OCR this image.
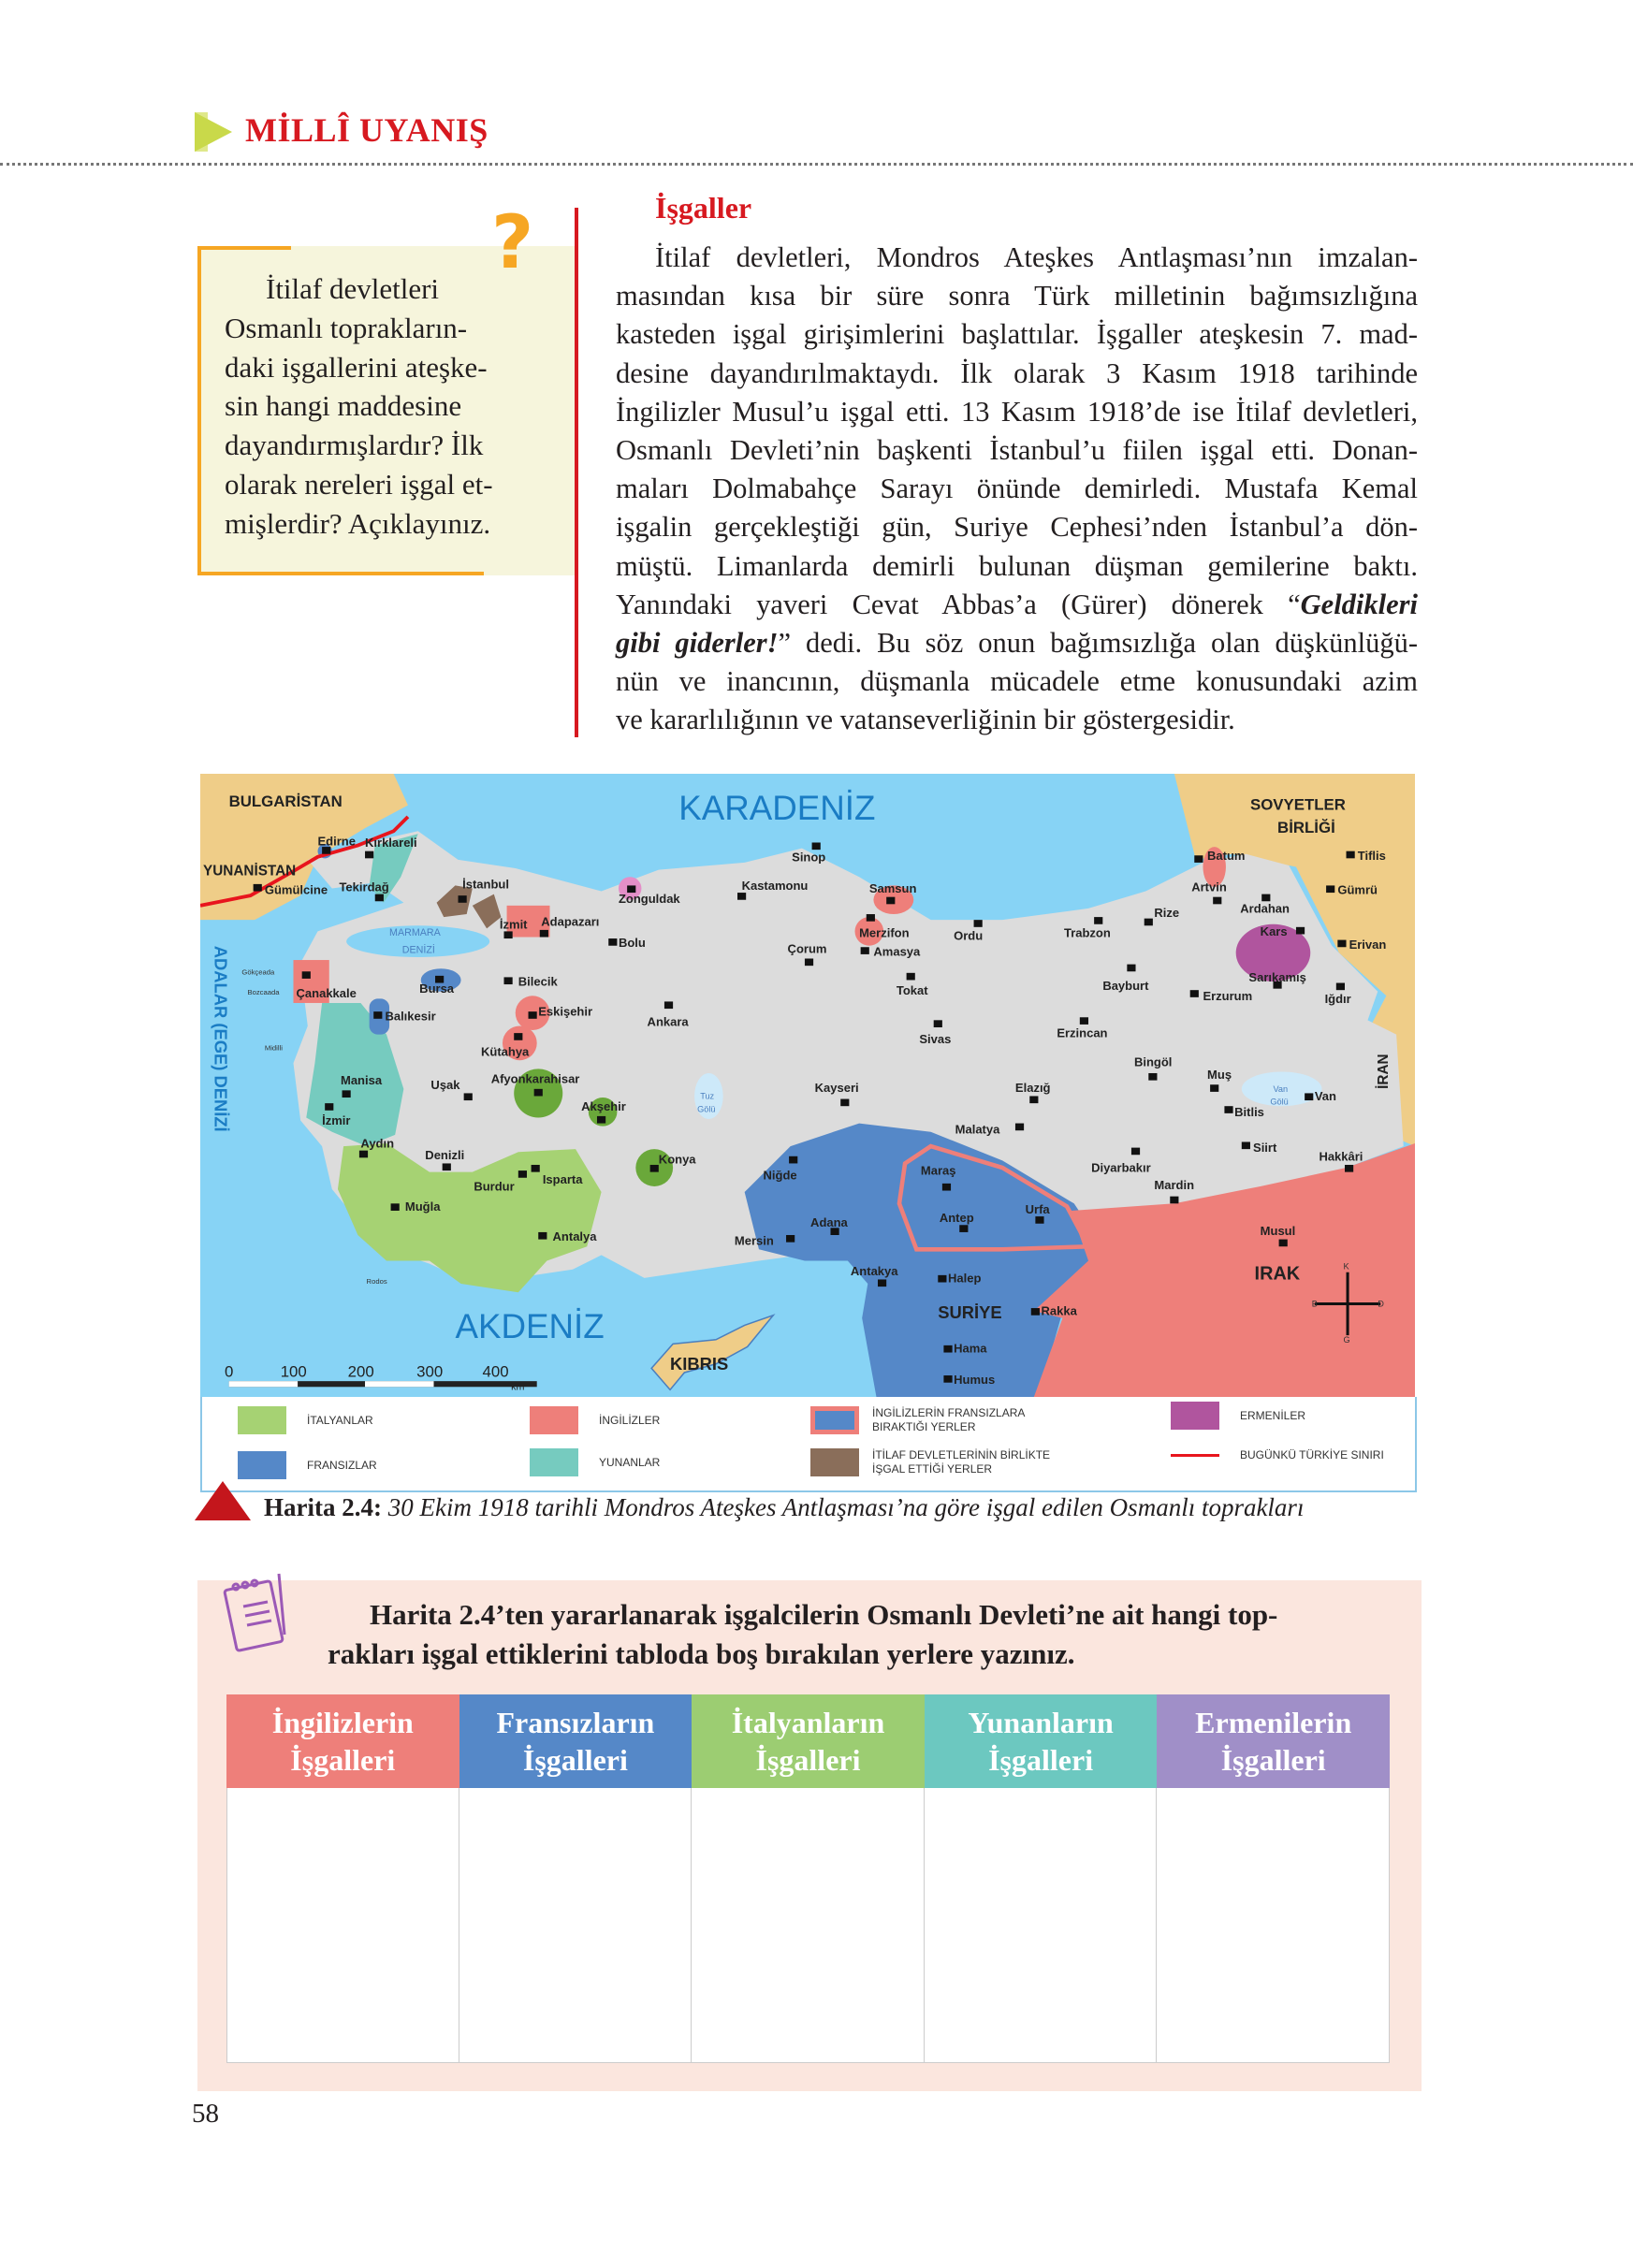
MİLLÎ UYANIŞ
?
İtilaf devletleri
Osmanlı toprakların-
daki işgallerini ateşke-
sin hangi maddesine
dayandırmışlardır? İlk
olarak nereleri işgal et-
mişlerdir? Açıklayınız.
İşgaller
İtilaf devletleri, Mondros Ateşkes Antlaşması’nın imzalan-
masından kısa bir süre sonra Türk milletinin bağımsızlığına
kasteden işgal girişimlerini başlattılar. İşgaller ateşkesin 7. mad-
desine dayandırılmaktaydı. İlk olarak 3 Kasım 1918 tarihinde
İngilizler Musul’u işgal etti. 13 Kasım 1918’de ise İtilaf devletleri,
Osmanlı Devleti’nin başkenti İstanbul’u fiilen işgal etti. Donan-
maları Dolmabahçe Sarayı önünde demirledi. Mustafa Kemal
işgalin gerçekleştiği gün, Suriye Cephesi’nden İstanbul’a dön-
müştü. Limanlarda demirli bulunan düşman gemilerine baktı.
Yanındaki yaveri Cevat Abbas’a (Gürer) dönerek “Geldikleri
gibi giderler!” dedi. Bu söz onun bağımsızlığa olan düşkünlüğü-
nün ve inancının, düşmanla mücadele etme konusundaki azim
ve kararlılığının ve vatanseverliğinin bir göstergesidir.
KARADENİZ
AKDENİZ
ADALAR (EGE) DENİZİ
MARMARA
DENİZİ
Tuz
Gölü
Van
Gölü
BULGARİSTAN
YUNANİSTAN
SOVYETLER
BİRLİĞİ
İRAN
IRAK
SURİYE
KIBRIS
Gökçeada
Bozcaada
Midilli
Rodos
K
G
D
B
0	100	200	300	400
km
Edirne Kırklareli
Gümülcine Tekirdağ	İstanbul
İzmit Adapazarı
Zonguldak
Bolu
Kastamonu
Sinop
Samsun
Merzifon
Amasya
Çorum
Ordu	Trabzon
Rize
Artvin
Batum	Tiflis
Gümrü
Ardahan
Kars
Erivan
Sarıkamış
Iğdır
Bayburt
Erzurum
Erzincan
Bingöl
Muş
Bitlis
Van
Siirt
Hakkâri
Diyarbakır
Mardin
Musul
Elazığ
Malatya
Kayseri
Sivas
Tokat
Ankara
Bilecik
Eskişehir
Kütahya
Bursa
Balıkesir
Çanakkale
Manisa
İzmir
Uşak	Afyonkarahisar
Akşehir
Aydın
Denizli
Burdur
Isparta
Muğla
Antalya
Konya
Niğde
Mersin
Adana
Antakya
Maraş
Antep
Urfa
Halep
Rakka
Hama
Humus
İTALYANLAR	İNGİLİZLER
İNGİLİZLERİN FRANSIZLARA BIRAKTIĞI YERLER
ERMENİLER
FRANSIZLAR	YUNANLAR
İTİLAF DEVLETLERİNİN BİRLİKTE İŞGAL ETTİĞİ YERLER
BUGÜNKÜ TÜRKİYE SINIRI
Harita 2.4: 30 Ekim 1918 tarihli Mondros Ateşkes Antlaşması’na göre işgal edilen Osmanlı toprakları
Harita 2.4’ten yararlanarak işgalcilerin Osmanlı Devleti’ne ait hangi top-
rakları işgal ettiklerini tabloda boş bırakılan yerlere yazınız.
İngilizlerin
İşgalleri
Fransızların
İşgalleri
İtalyanların
İşgalleri
Yunanların
İşgalleri
Ermenilerin
İşgalleri
58
